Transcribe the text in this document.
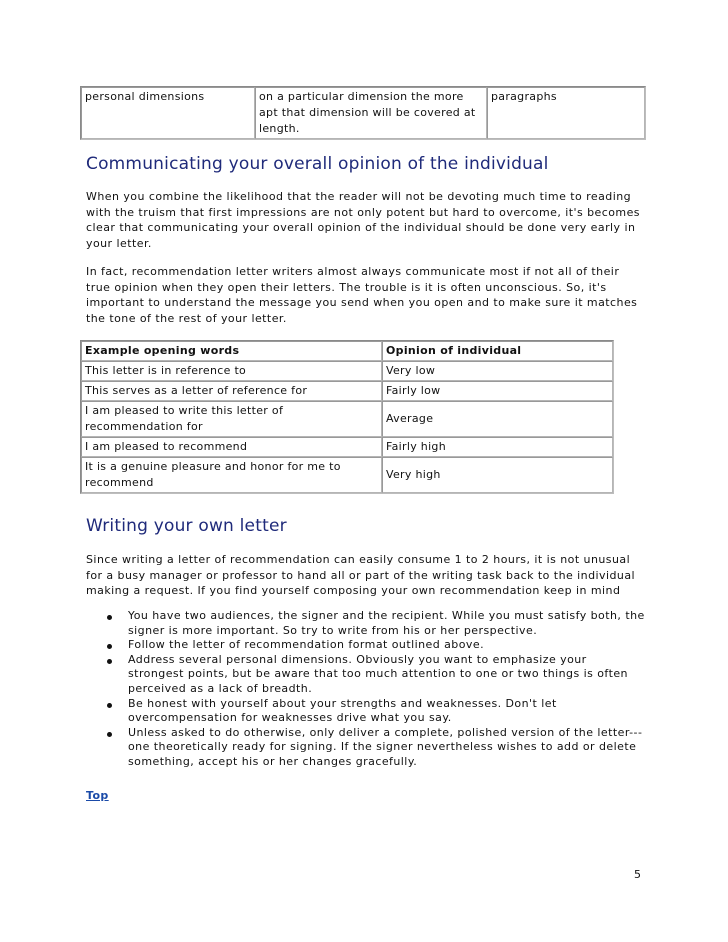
personal dimensions	on a particular dimension the more apt that dimension will be covered at length.	paragraphs
Communicating your overall opinion of the individual

When you combine the likelihood that the reader will not be devoting much time to reading with the truism that first impressions are not only potent but hard to overcome, it's becomes clear that communicating your overall opinion of the individual should be done very early in your letter.

In fact, recommendation letter writers almost always communicate most if not all of their true opinion when they open their letters. The trouble is it is often unconscious. So, it's important to understand the message you send when you open and to make sure it matches the tone of the rest of your letter.

Example opening words	Opinion of individual
This letter is in reference to	Very low
This serves as a letter of reference for	Fairly low
I am pleased to write this letter of recommendation for	Average
I am pleased to recommend	Fairly high
It is a genuine pleasure and honor for me to recommend	Very high
Writing your own letter

Since writing a letter of recommendation can easily consume 1 to 2 hours, it is not unusual for a busy manager or professor to hand all or part of the writing task back to the individual making a request. If you find yourself composing your own recommendation keep in mind

You have two audiences, the signer and the recipient. While you must satisfy both, the signer is more important. So try to write from his or her perspective.
Follow the letter of recommendation format outlined above.
Address several personal dimensions. Obviously you want to emphasize your strongest points, but be aware that too much attention to one or two things is often perceived as a lack of breadth.
Be honest with yourself about your strengths and weaknesses. Don't let overcompensation for weaknesses drive what you say.
Unless asked to do otherwise, only deliver a complete, polished version of the letter--- one theoretically ready for signing. If the signer nevertheless wishes to add or delete something, accept his or her changes gracefully.
Top
5
